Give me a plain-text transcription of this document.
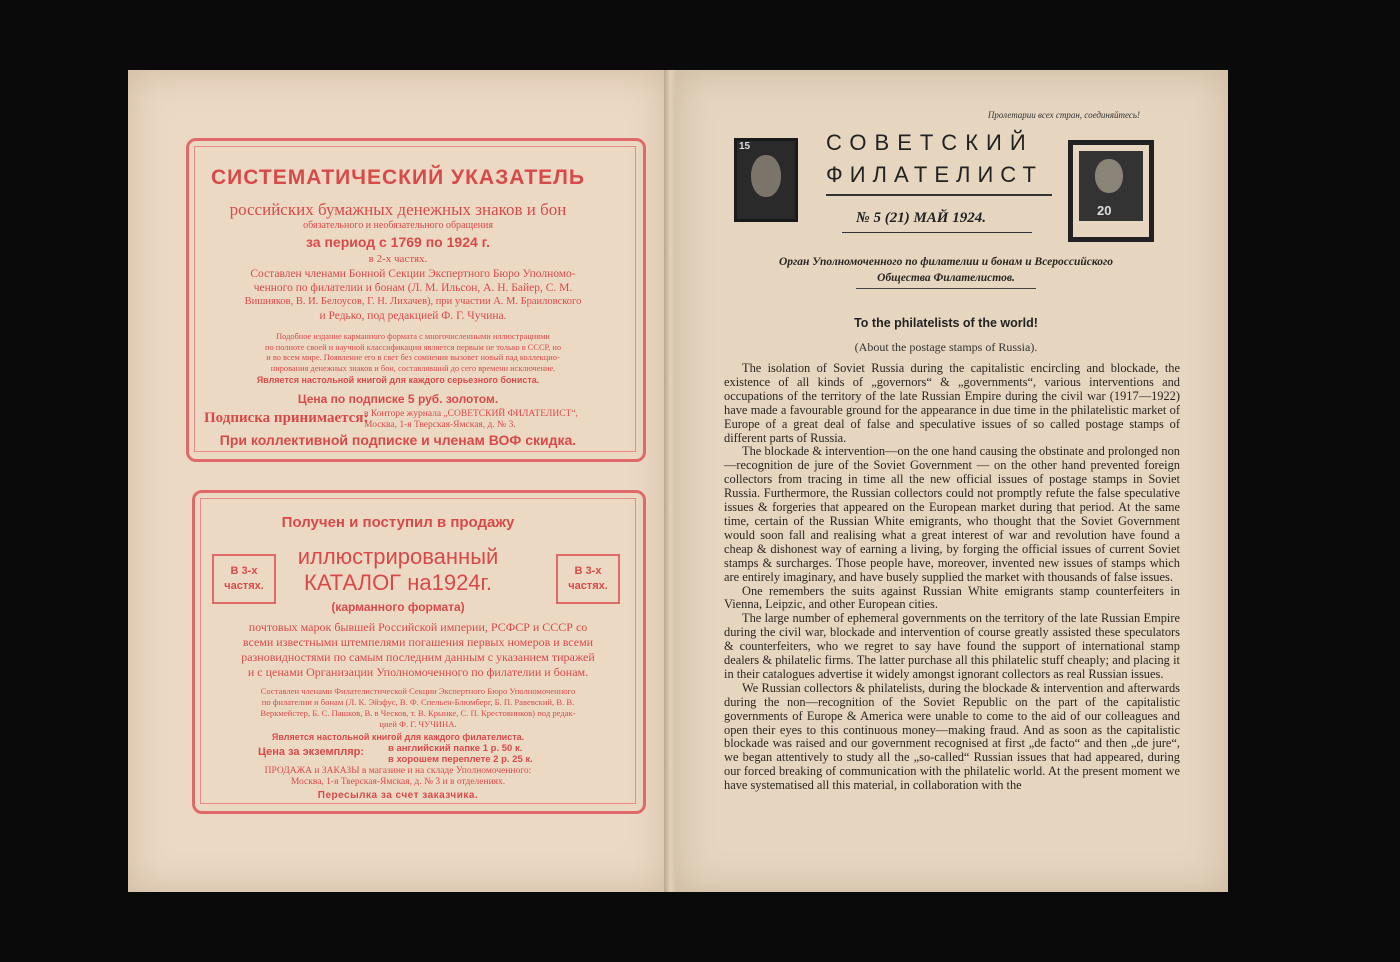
СИСТЕМАТИЧЕСКИЙ УКАЗАТЕЛЬ
российских бумажных денежных знаков и бон
обязательного и необязательного обращения
за период с 1769 по 1924 г.
в 2-х частях.
Составлен членами Бонной Секции Экспертного Бюро Уполномо-
ченного по филателии и бонам (Л. М. Ильсон, А. Н. Байер, С. М.
Вишняков, В. И. Белоусов, Г. Н. Лихачев), при участии А. М. Браиловского
и Редько, под редакцией Ф. Г. Чучина.
Подобное издание карманного формата с многочисленными иллюстрациями
по полноте своей и научной классификации является первым не только в СССР, но
и во всем мире. Появление его в свет без сомнения вызовет новый пад коллекцио-
нирования денежных знаков и бон, составлявший до сего времени исключение.
Является настольной книгой для каждого серьезного бониста.
Цена по подписке 5 руб. золотом.
Подписка принимается:
в Конторе журнала „СОВЕТСКИЙ ФИЛАТЕЛИСТ“,
Москва, 1-я Тверская-Ямская, д. № 3.
При коллективной подписке и членам ВОФ скидка.
Получен и поступил в продажу
иллюстрированный
КАТАЛОГ на1924г.
(карманного формата)
В 3-х
частях.
В 3-х
частях.
почтовых марок бывшей Российской империи, РСФСР и СССР со
всеми известными штемпелями погашения первых номеров и всеми
разновидностями по самым последним данным с указанием тиражей
и с ценами Организации Уполномоченного по филателии и бонам.
Составлен членами Филателистической Секции Экспертного Бюро Уполномоченного
по филателии и бонам (Л. К. Эйзфус, В. Ф. Спельен-Блюмберг, Б. П. Равевский, В. В.
Веркмейстер, Б. С. Пашков, В. в Ческов, т. В. Крынке, С. П. Крестовников) под редак-
цией Ф. Г. ЧУЧИНА.
Является настольной книгой для каждого филателиста.
Цена за экземпляр:	в английский папке 1 р. 50 к.
в хорошем переплете 2 р. 25 к.
ПРОДАЖА и ЗАКАЗЫ в магазине и на складе Уполномоченного:
Москва, 1-я Тверская-Ямская, д. № 3 и в отделениях.
Пересылка за счет заказчика.
Пролетарии всех стран, соединяйтесь!
15	СОВЕТСКИЙ
ФИЛАТЕЛИСТ
№ 5 (21) МАЙ 1924.	20
Орган Уполномоченного по филателии и бонам и Всероссийского
Общества Филателистов.
To the philatelists of the world!
(About the postage stamps of Russia).

The isolation of Soviet Russia during the capitalistic encircling and blockade, the existence of all kinds of „governors“ & „governments“, various interventions and occupations of the territory of the late Russian Empire during the civil war (1917—1922) have made a favourable ground for the appearance in due time in the philatelistic market of Europe of a great deal of false and speculative issues of so called postage stamps of different parts of Russia.

The blockade & intervention—on the one hand causing the obstinate and prolonged non—recognition de jure of the Soviet Government — on the other hand prevented foreign collectors from tracing in time all the new official issues of postage stamps in Soviet Russia. Furthermore, the Russian collectors could not promptly refute the false speculative issues & forgeries that appeared on the European market during that period. At the same time, certain of the Russian White emigrants, who thought that the Soviet Government would soon fall and realising what a great interest of war and revolution have found a cheap & dishonest way of earning a living, by forging the official issues of current Soviet stamps & surcharges. Those people have, moreover, invented new issues of stamps which are entirely imaginary, and have busely supplied the market with thousands of false issues.

One remembers the suits against Russian White emigrants stamp counterfeiters in Vienna, Leipzic, and other European cities.

The large number of ephemeral governments on the territory of the late Russian Empire during the civil war, blockade and intervention of course greatly assisted these speculators & counterfeiters, who we regret to say have found the support of international stamp dealers & philatelic firms. The latter purchase all this philatelic stuff cheaply; and placing it in their catalogues advertise it widely amongst ignorant collectors as real Russian issues.

We Russian collectors & philatelists, during the blockade & intervention and afterwards during the non—recognition of the Soviet Republic on the part of the capitalistic governments of Europe & America were unable to come to the aid of our colleagues and open their eyes to this continuous money—making fraud. And as soon as the capitalistic blockade was raised and our government recognised at first „de facto“ and then „de jure“, we began attentively to study all the „so-called“ Russian issues that had appeared, during our forced breaking of communication with the philatelic world. At the present moment we have systematised all this material, in collaboration with the
